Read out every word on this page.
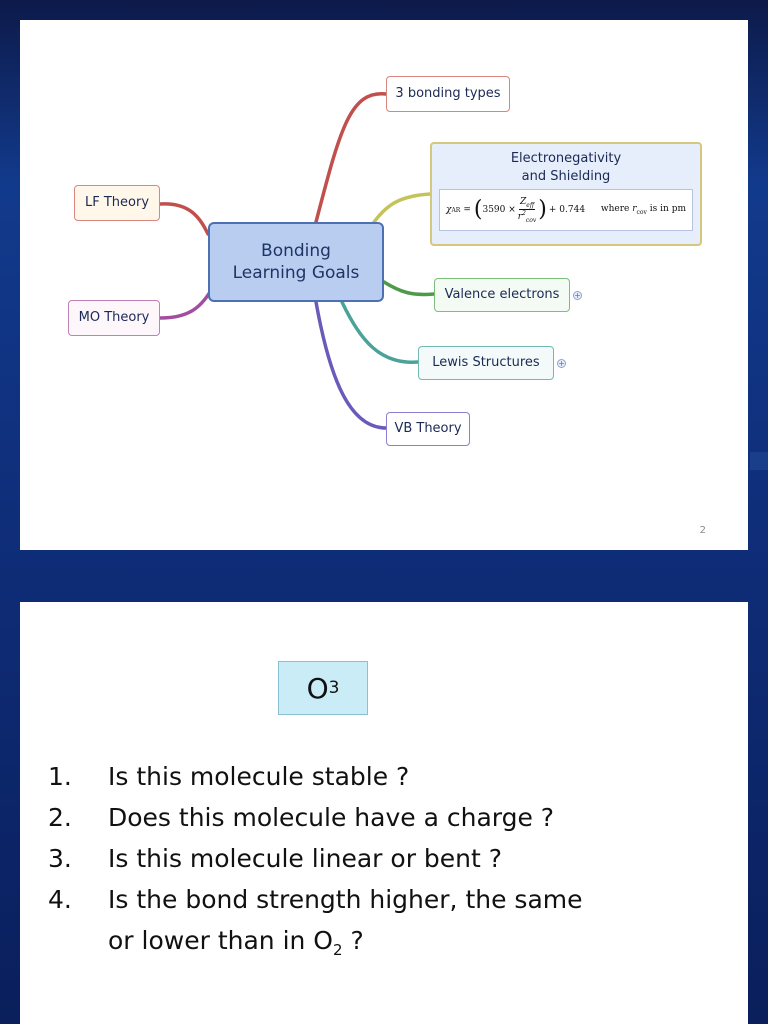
Bonding
Learning Goals
3 bonding types
Electronegativity
and Shielding
χ AR = ( $3590 \times \frac{Z_{eff}}{r^2_{cov}}$ ) + 0.744 where $r_{cov}$ is in pm
Valence electrons +
Lewis Structures +
VB Theory
LF Theory
MO Theory
2
O 3
1.	Is this molecule stable ?
2.	Does this molecule have a charge ?
3.	Is this molecule linear or bent ?
4.	Is the bond strength higher, the same
or lower than in $O_2$ ?
